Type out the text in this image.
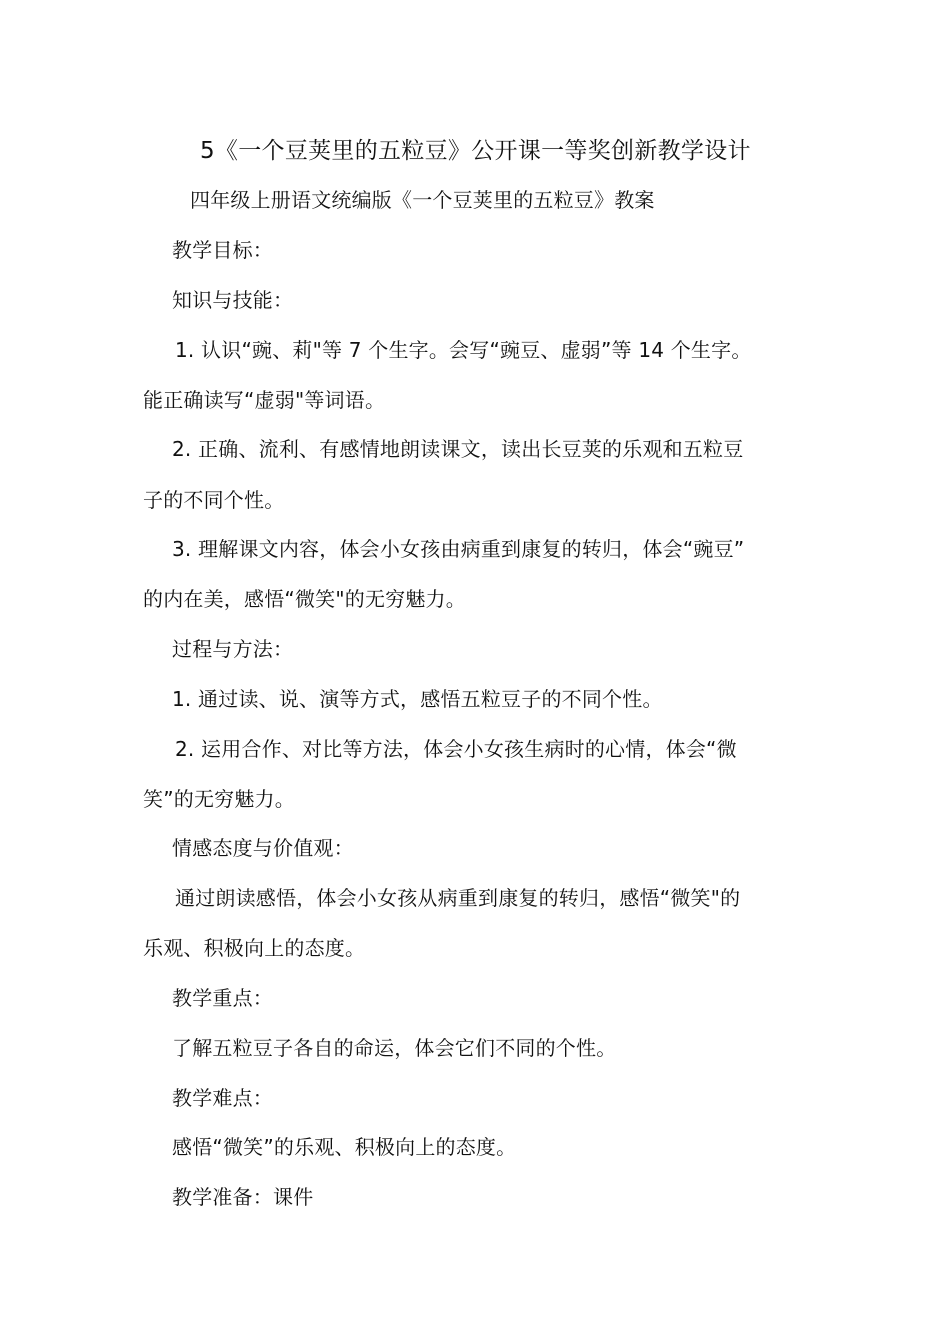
5《一个豆荚里的五粒豆》公开课一等奖创新教学设计
四年级上册语文统编版《一个豆荚里的五粒豆》教案
教学目标：
知识与技能：
1. 认识“豌、莉"等 7 个生字。会写“豌豆、虚弱”等 14 个生字。
能正确读写“虚弱"等词语。
2. 正确、流利、有感情地朗读课文，读出长豆荚的乐观和五粒豆
子的不同个性。
3. 理解课文内容，体会小女孩由病重到康复的转归，体会“豌豆”
的内在美，感悟“微笑"的无穷魅力。
过程与方法：
1. 通过读、说、演等方式，感悟五粒豆子的不同个性。
2. 运用合作、对比等方法，体会小女孩生病时的心情，体会“微
笑”的无穷魅力。
情感态度与价值观：
通过朗读感悟，体会小女孩从病重到康复的转归，感悟“微笑"的
乐观、积极向上的态度。
教学重点：
了解五粒豆子各自的命运，体会它们不同的个性。
教学难点：
感悟“微笑”的乐观、积极向上的态度。
教学准备：课件
